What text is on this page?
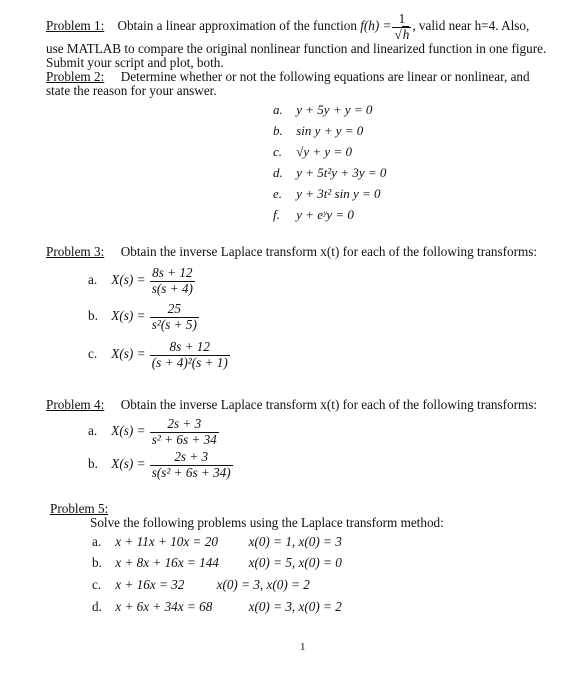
Problem 1: Obtain a linear approximation of the function $f(h) = \frac{1}{√h}$ , valid near h=4. Also,
use MATLAB to compare the original nonlinear function and linearized function in one figure.
Submit your script and plot, both.
Problem 2: Determine whether or not the following equations are linear or nonlinear, and
state the reason for your answer.
a. y + 5y + y = 0
b. sin y + y = 0
c. √y + y = 0
d. y + 5t²y + 3y = 0
e. y + 3t² sin y = 0
f. y + eʸy = 0
Problem 3: Obtain the inverse Laplace transform x(t) for each of the following transforms:
a. $X(s) = \frac{8s + 12}{s(s + 4)}$
b. $X(s) = \frac{25}{\text{s²(s + 5)}}$
c. $X(s) = \frac{8s + 12}{\text{(s + 4)²(s + 1)}}$
Problem 4: Obtain the inverse Laplace transform x(t) for each of the following transforms:
a. $X(s) = \frac{2s + 3}{\text{s² + 6s + 34}}$
b. $X(s) = \frac{2s + 3}{\text{s(s² + 6s + 34)}}$
Problem 5:
Solve the following problems using the Laplace transform method:
a. x + 11x + 10x = 20 x(0) = 1, x(0) = 3
b. x + 8x + 16x = 144 x(0) = 5, x(0) = 0
c. x + 16x = 32 x(0) = 3, x(0) = 2
d. x + 6x + 34x = 68	x(0) = 3, x(0) = 2
1
